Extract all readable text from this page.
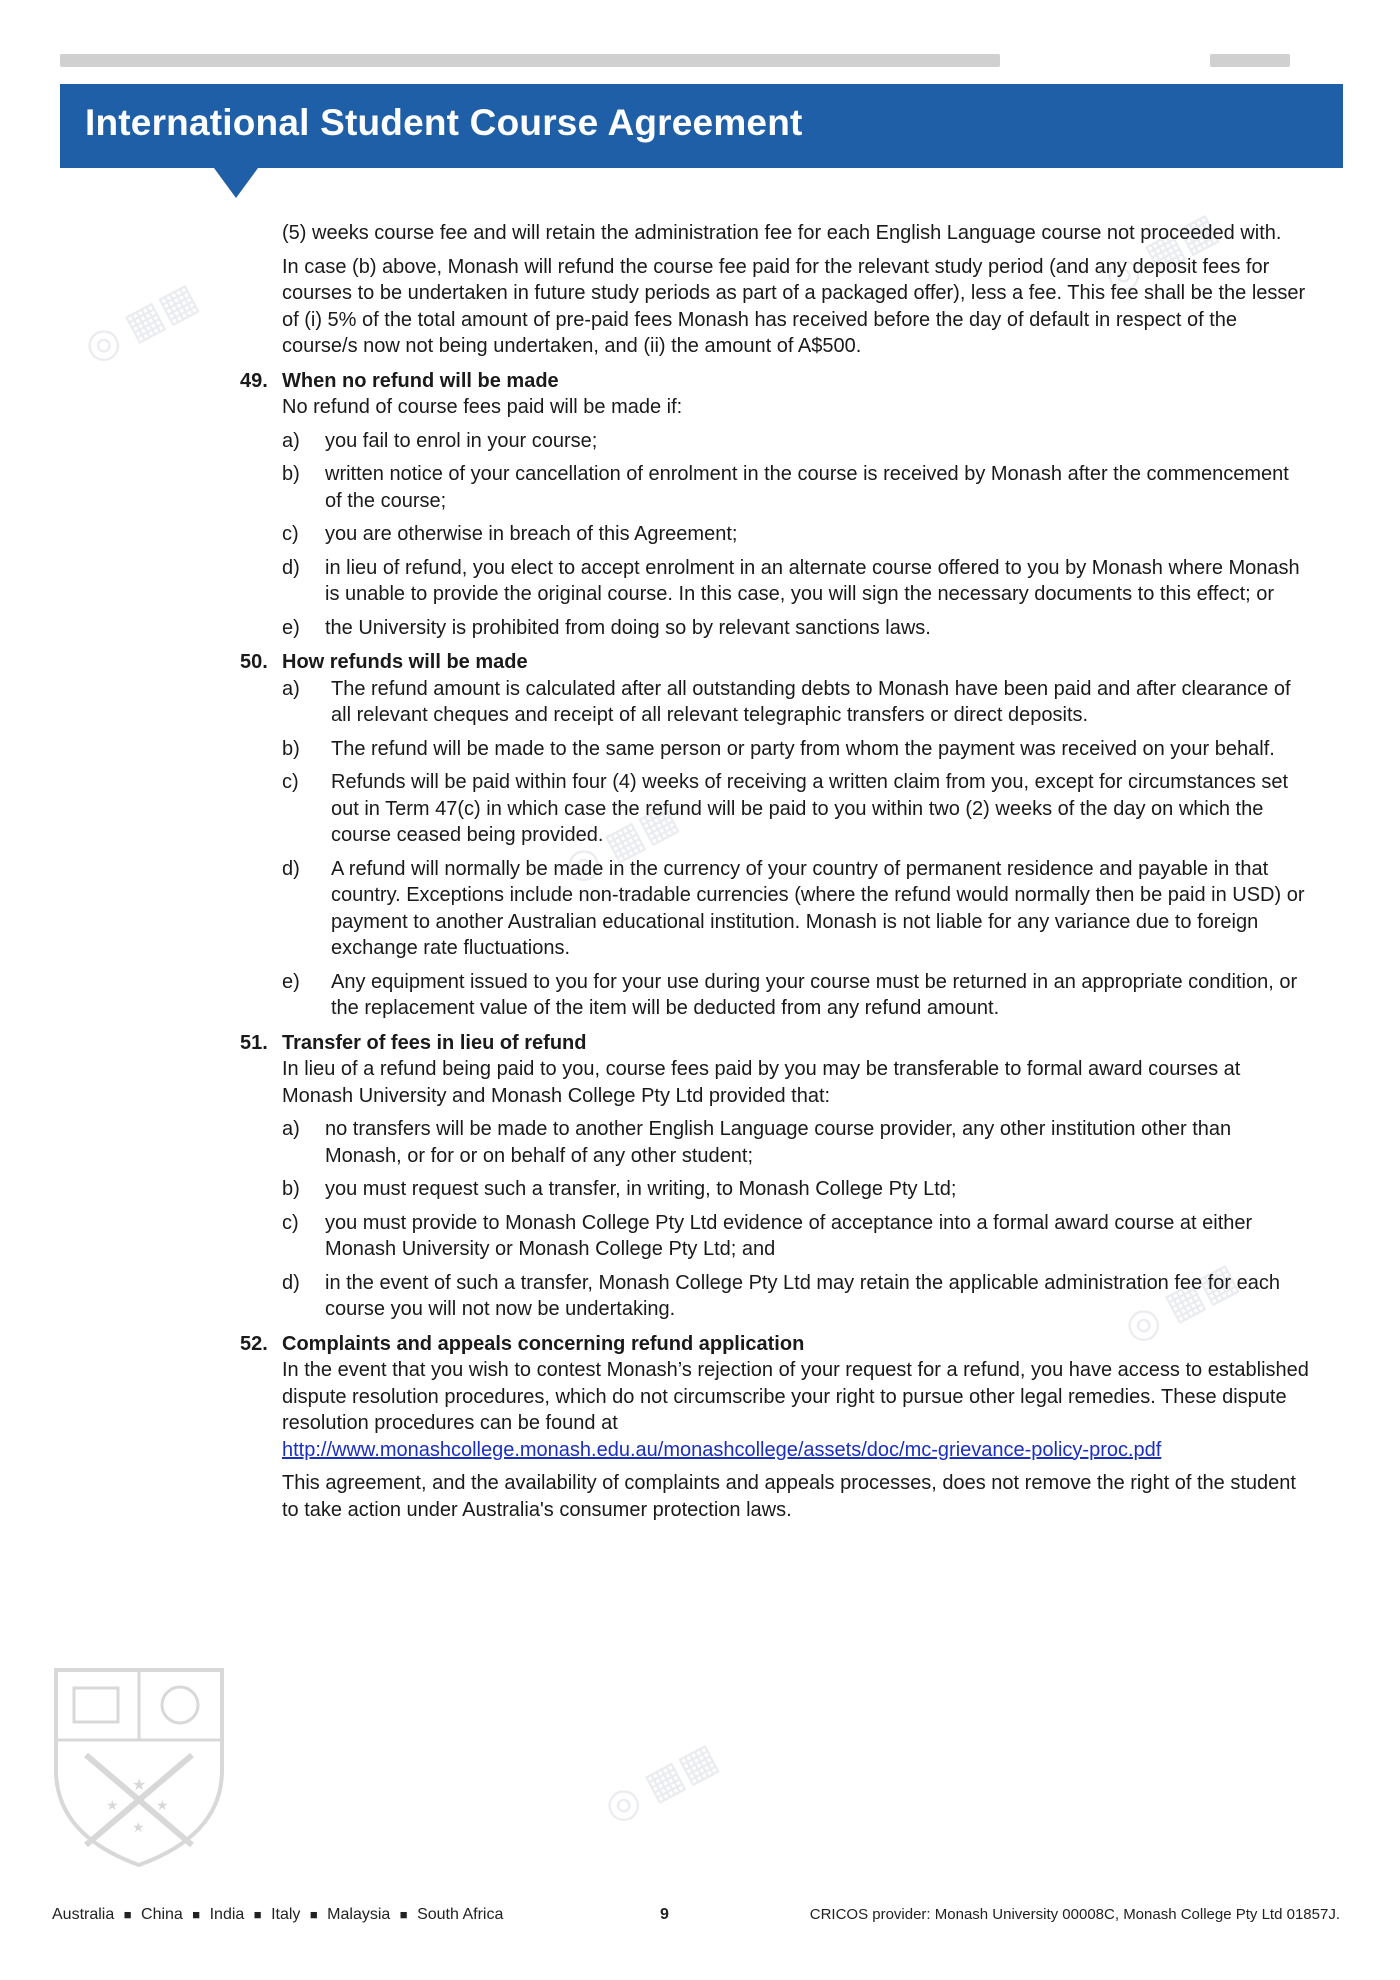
International Student Course Agreement
◎ ▦▦
◎ ▦▦
◎ ▦▦
◎ ▦▦
◎ ▦▦

(5) weeks course fee and will retain the administration fee for each English Language course not proceeded with.

In case (b) above, Monash will refund the course fee paid for the relevant study period (and any deposit fees for courses to be undertaken in future study periods as part of a packaged offer), less a fee. This fee shall be the lesser of (i) 5% of the total amount of pre-paid fees Monash has received before the day of default in respect of the course/s now not being undertaken, and (ii) the amount of A$500.

49. When no refund will be made
No refund of course fees paid will be made if:
a) you fail to enrol in your course;
b) written notice of your cancellation of enrolment in the course is received by Monash after the commencement of the course;
c) you are otherwise in breach of this Agreement;
d) in lieu of refund, you elect to accept enrolment in an alternate course offered to you by Monash where Monash is unable to provide the original course. In this case, you will sign the necessary documents to this effect; or
e) the University is prohibited from doing so by relevant sanctions laws.
50. How refunds will be made
a) The refund amount is calculated after all outstanding debts to Monash have been paid and after clearance of all relevant cheques and receipt of all relevant telegraphic transfers or direct deposits.
b) The refund will be made to the same person or party from whom the payment was received on your behalf.
c) Refunds will be paid within four (4) weeks of receiving a written claim from you, except for circumstances set out in Term 47(c) in which case the refund will be paid to you within two (2) weeks of the day on which the course ceased being provided.
d) A refund will normally be made in the currency of your country of permanent residence and payable in that country. Exceptions include non-tradable currencies (where the refund would normally then be paid in USD) or payment to another Australian educational institution. Monash is not liable for any variance due to foreign exchange rate fluctuations.
e) Any equipment issued to you for your use during your course must be returned in an appropriate condition, or the replacement value of the item will be deducted from any refund amount.
51. Transfer of fees in lieu of refund
In lieu of a refund being paid to you, course fees paid by you may be transferable to formal award courses at Monash University and Monash College Pty Ltd provided that:
a) no transfers will be made to another English Language course provider, any other institution other than Monash, or for or on behalf of any other student;
b) you must request such a transfer, in writing, to Monash College Pty Ltd;
c) you must provide to Monash College Pty Ltd evidence of acceptance into a formal award course at either Monash University or Monash College Pty Ltd; and
d) in the event of such a transfer, Monash College Pty Ltd may retain the applicable administration fee for each course you will not now be undertaking.
52. Complaints and appeals concerning refund application
In the event that you wish to contest Monash’s rejection of your request for a refund, you have access to established dispute resolution procedures, which do not circumscribe your right to pursue other legal remedies. These dispute resolution procedures can be found at
http://www.monashcollege.monash.edu.au/monashcollege/assets/doc/mc-grievance-policy-proc.pdf
This agreement, and the availability of complaints and appeals processes, does not remove the right of the student to take action under Australia's consumer protection laws.
★
★	★
★
Australia ■ China ■ India ■ Italy ■ Malaysia ■ South Africa	9	CRICOS provider: Monash University 00008C, Monash College Pty Ltd 01857J.
